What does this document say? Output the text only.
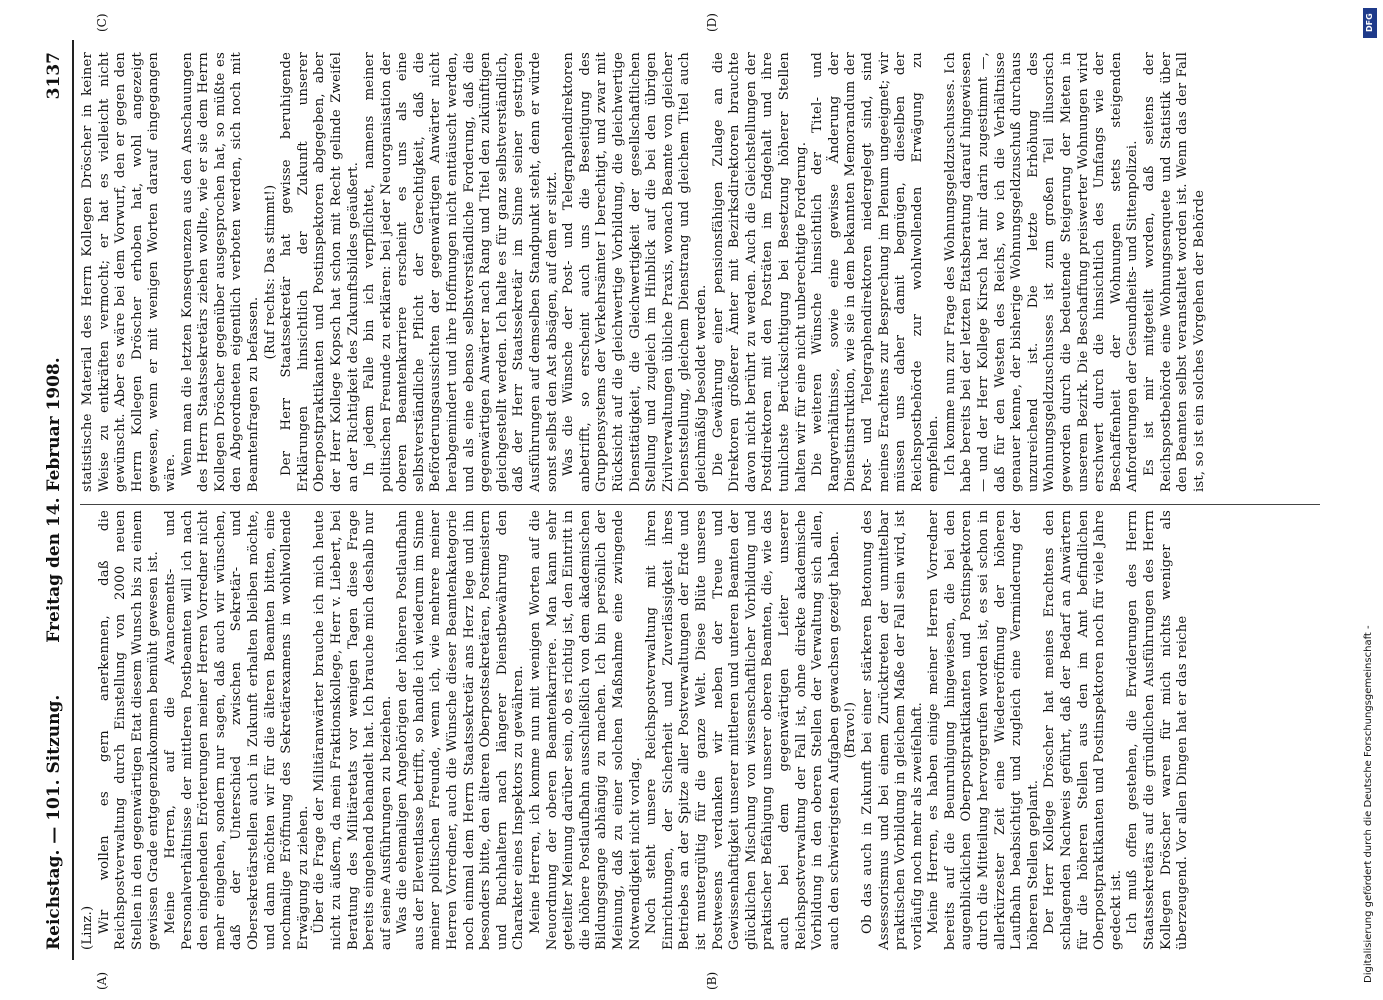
Reichstag. — 101. Sitzung.
Freitag den 14. Februar 1908.
3137
(A)	(B)
(C)	(D)

(Linz.) Wir wollen es gern anerkennen, daß die Reichspostverwaltung durch Einstellung von 2000 neuen Stellen in den gegenwärtigen Etat diesem Wunsch bis zu einem gewissen Grade entgegenzukommen bemüht gewesen ist. Meine Herren, auf die Avancements- und Personalverhältnisse der mittleren Postbeamten will ich nach den eingehenden Erörterungen meiner Herren Vorredner nicht mehr eingehen, sondern nur sagen, daß auch wir wünschen, daß der Unterschied zwischen Sekretär- und Obersekretärstellen auch in Zukunft erhalten bleiben möchte, und dann möchten wir für die älteren Beamten bitten, eine nochmalige Eröffnung des Sekretärexamens in wohlwollende Erwägung zu ziehen. Über die Frage der Militäranwärter brauche ich mich heute nicht zu äußern, da mein Fraktionskollege, Herr v. Liebert, bei Beratung des Militäretats vor wenigen Tagen diese Frage bereits eingehend behandelt hat. Ich brauche mich deshalb nur auf seine Ausführungen zu beziehen. Was die ehemaligen Angehörigen der höheren Postlaufbahn aus der Eleventlasse betrifft, so handle ich wiederum im Sinne meiner politischen Freunde, wenn ich, wie mehrere meiner Herren Vorredner, auch die Wünsche dieser Beamtenkategorie noch einmal dem Herrn Staatssekretär ans Herz lege und ihn besonders bitte, den älteren Oberpostsekretären, Postmeistern und Buchhaltern nach längerer Dienstbewährung den Charakter eines Inspektors zu gewähren. Meine Herren, ich komme nun mit wenigen Worten auf die Neuordnung der oberen Beamtenkarriere. Man kann sehr geteilter Meinung darüber sein, ob es richtig ist, den Eintritt in die höhere Postlaufbahn ausschließlich von dem akademischen Bildungsgange abhängig zu machen. Ich bin persönlich der Meinung, daß zu einer solchen Maßnahme eine zwingende Notwendigkeit nicht vorlag. Noch steht unsere Reichspostverwaltung mit ihren Einrichtungen, der Sicherheit und Zuverlässigkeit ihres Betriebes an der Spitze aller Postverwaltungen der Erde und ist mustergültig für die ganze Welt. Diese Blüte unseres Postwesens verdanken wir neben der Treue und Gewissenhaftigkeit unserer mittleren und unteren Beamten der glücklichen Mischung von wissenschaftlicher Vorbildung und praktischer Befähigung unserer oberen Beamten, die, wie das auch bei dem gegenwärtigen Leiter unserer Reichspostverwaltung der Fall ist, ohne direkte akademische Vorbildung in den oberen Stellen der Verwaltung sich allen, auch den schwierigsten Aufgaben gewachsen gezeigt haben. (Bravo!) Ob das auch in Zukunft bei einer stärkeren Betonung des Assessorismus und bei einem Zurücktreten der unmittelbar praktischen Vorbildung in gleichem Maße der Fall sein wird, ist vorläufig noch mehr als zweifelhaft. Meine Herren, es haben einige meiner Herren Vorredner bereits auf die Beunruhigung hingewiesen, die bei den augenblicklichen Oberpostpraktikanten und Postinspektoren durch die Mitteilung hervorgerufen worden ist, es sei schon in allerkürzester Zeit eine Wiedereröffnung der höheren Laufbahn beabsichtigt und zugleich eine Verminderung der höheren Stellen geplant. Der Herr Kollege Dröscher hat meines Erachtens den schlagenden Nachweis geführt, daß der Bedarf an Anwärtern für die höheren Stellen aus den im Amt befindlichen Oberpostpraktikanten und Postinspektoren noch für viele Jahre gedeckt ist. Ich muß offen gestehen, die Erwiderungen des Herrn Staatssekretärs auf die gründlichen Ausführungen des Herrn Kollegen Dröscher waren für mich nichts weniger als überzeugend. Vor allen Dingen hat er das reiche

statistische Material des Herrn Kollegen Dröscher in keiner Weise zu entkräften vermocht; er hat es vielleicht nicht gewünscht. Aber es wäre bei dem Vorwurf, den er gegen den Herrn Kollegen Dröscher erhoben hat, wohl angezeigt gewesen, wenn er mit wenigen Worten darauf eingegangen wäre. Wenn man die letzten Konsequenzen aus den Anschauungen des Herrn Staatssekretärs ziehen wollte, wie er sie dem Herrn Kollegen Dröscher gegenüber ausgesprochen hat, so müßte es den Abgeordneten eigentlich verboten werden, sich noch mit Beamtenfragen zu befassen.

(Ruf rechts: Das stimmt!) Der Herr Staatssekretär hat gewisse beruhigende Erklärungen hinsichtlich der Zukunft unserer Oberpostpraktikanten und Postinspektoren abgegeben, aber der Herr Kollege Kopsch hat schon mit Recht gelinde Zweifel an der Richtigkeit des Zukunftsbildes geäußert. In jedem Falle bin ich verpflichtet, namens meiner politischen Freunde zu erklären: bei jeder Neuorganisation der oberen Beamtenkarriere erscheint es uns als eine selbstverständliche Pflicht der Gerechtigkeit, daß die Beförderungsaussichten der gegenwärtigen Anwärter nicht herabgemindert und ihre Hoffnungen nicht enttäuscht werden, und als eine ebenso selbstverständliche Forderung, daß die gegenwärtigen Anwärter nach Rang und Titel den zukünftigen gleichgestellt werden. Ich halte es für ganz selbstverständlich, daß der Herr Staatssekretär im Sinne seiner gestrigen Ausführungen auf demselben Standpunkt steht, denn er würde sonst selbst den Ast absägen, auf dem er sitzt. Was die Wünsche der Post- und Telegraphendirektoren anbetrifft, so erscheint auch uns die Beseitigung des Gruppensystems der Verkehrsämter I berechtigt, und zwar mit Rücksicht auf die gleichwertige Vorbildung, die gleichwertige Diensttätigkeit, die Gleichwertigkeit der gesellschaftlichen Stellung und zugleich im Hinblick auf die bei den übrigen Zivilverwaltungen übliche Praxis, wonach Beamte von gleicher Dienststellung, gleichem Dienstrang und gleichem Titel auch gleichmäßig besoldet werden. Die Gewährung einer pensionsfähigen Zulage an die Direktoren größerer Ämter mit Bezirksdirektoren brauchte davon nicht berührt zu werden. Auch die Gleichstellungen der Postdirektoren mit den Posträten im Endgehalt und ihre tunlichste Berücksichtigung bei Besetzung höherer Stellen halten wir für eine nicht unberechtigte Forderung. Die weiteren Wünsche hinsichtlich der Titel- und Rangverhältnisse, sowie eine gewisse Änderung der Dienstinstruktion, wie sie in dem bekannten Memorandum der Post- und Telegraphendirektoren niedergelegt sind, sind meines Erachtens zur Besprechung im Plenum ungeeignet; wir müssen uns daher damit begnügen, dieselben der Reichspostbehörde zur wohlwollenden Erwägung zu empfehlen. Ich komme nun zur Frage des Wohnungsgeldzuschusses. Ich habe bereits bei der letzten Etatsberatung darauf hingewiesen — und der Herr Kollege Kirsch hat mir darin zugestimmt —, daß für den Westen des Reichs, wo ich die Verhältnisse genauer kenne, der bisherige Wohnungsgeldzuschuß durchaus unzureichend ist. Die letzte Erhöhung des Wohnungsgeldzuschusses ist zum großen Teil illusorisch geworden durch die bedeutende Steigerung der Mieten in unserem Bezirk. Die Beschaffung preiswerter Wohnungen wird erschwert durch die hinsichtlich des Umfangs wie der Beschaffenheit der Wohnungen stets steigenden Anforderungen der Gesundheits- und Sittenpolizei. Es ist mir mitgeteilt worden, daß seitens der Reichspostbehörde eine Wohnungsenquete und Statistik über den Beamten selbst veranstaltet worden ist. Wenn das der Fall ist, so ist ein solches Vorgehen der Behörde

DFG
Digitalisierung gefördert durch die Deutsche Forschungsgemeinschaft -
